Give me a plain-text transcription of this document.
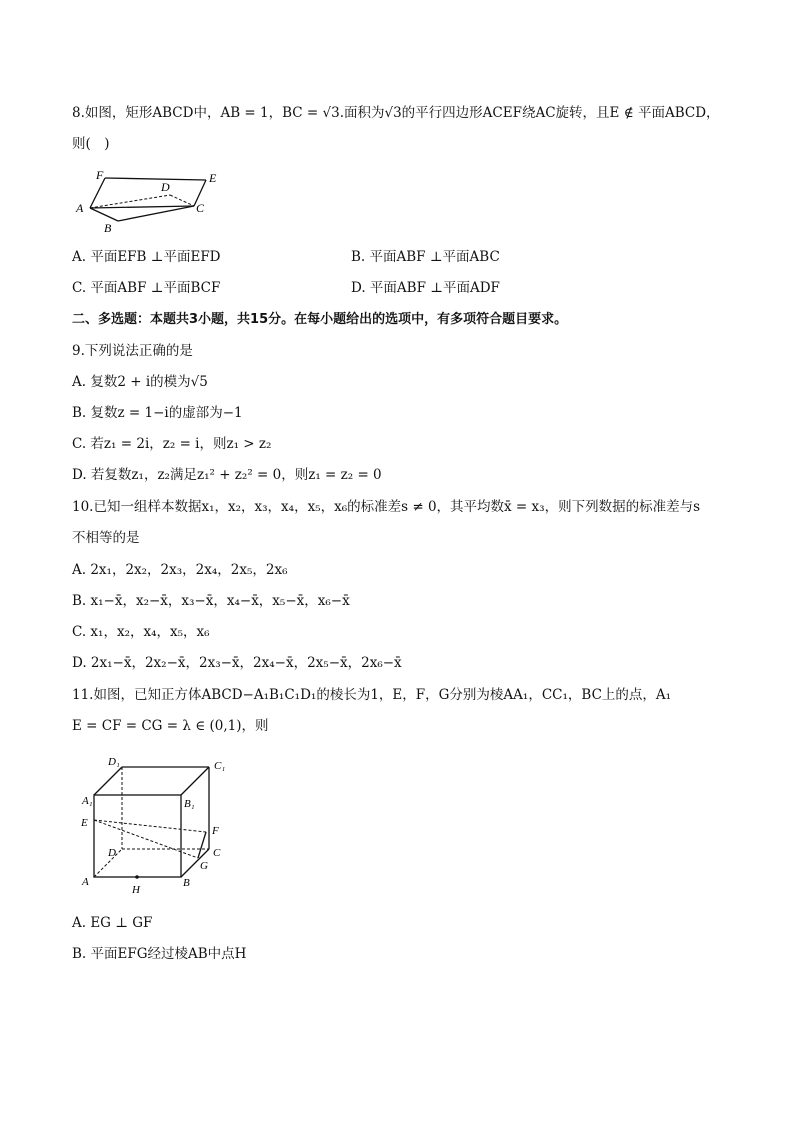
8.如图，矩形ABCD中，AB = 1，BC = √3.面积为√3的平行四边形ACEF绕AC旋转，且E ∉ 平面ABCD，
则(　)
F
D
E
A	C
B
A. 平面EFB ⊥平面EFD	B. 平面ABF ⊥平面ABC
C. 平面ABF ⊥平面BCF	D. 平面ABF ⊥平面ADF
二、多选题：本题共3小题，共15分。在每小题给出的选项中，有多项符合题目要求。
9.下列说法正确的是
A. 复数2 + i的模为√5
B. 复数z = 1−i的虚部为−1
C. 若z₁ = 2i，z₂ = i，则z₁ > z₂
D. 若复数z₁，z₂满足z₁² + z₂² = 0，则z₁ = z₂ = 0
10.已知一组样本数据x₁，x₂，x₃，x₄，x₅，x₆的标准差s ≠ 0，其平均数x̄ = x₃，则下列数据的标准差与s
不相等的是
A. 2x₁，2x₂，2x₃，2x₄，2x₅，2x₆
B. x₁−x̄，x₂−x̄，x₃−x̄，x₄−x̄，x₅−x̄，x₆−x̄
C. x₁，x₂，x₄，x₅，x₆
D. 2x₁−x̄，2x₂−x̄，2x₃−x̄，2x₄−x̄，2x₅−x̄，2x₆−x̄
11.如图，已知正方体ABCD−A₁B₁C₁D₁的棱长为1，E，F，G分别为棱AA₁，CC₁，BC上的点，A₁
E = CF = CG = λ ∈ (0,1)，则
D₁	C₁
A₁	B₁
E
F
D	C
G
A
H
B
A. EG ⊥ GF
B. 平面EFG经过棱AB中点H
